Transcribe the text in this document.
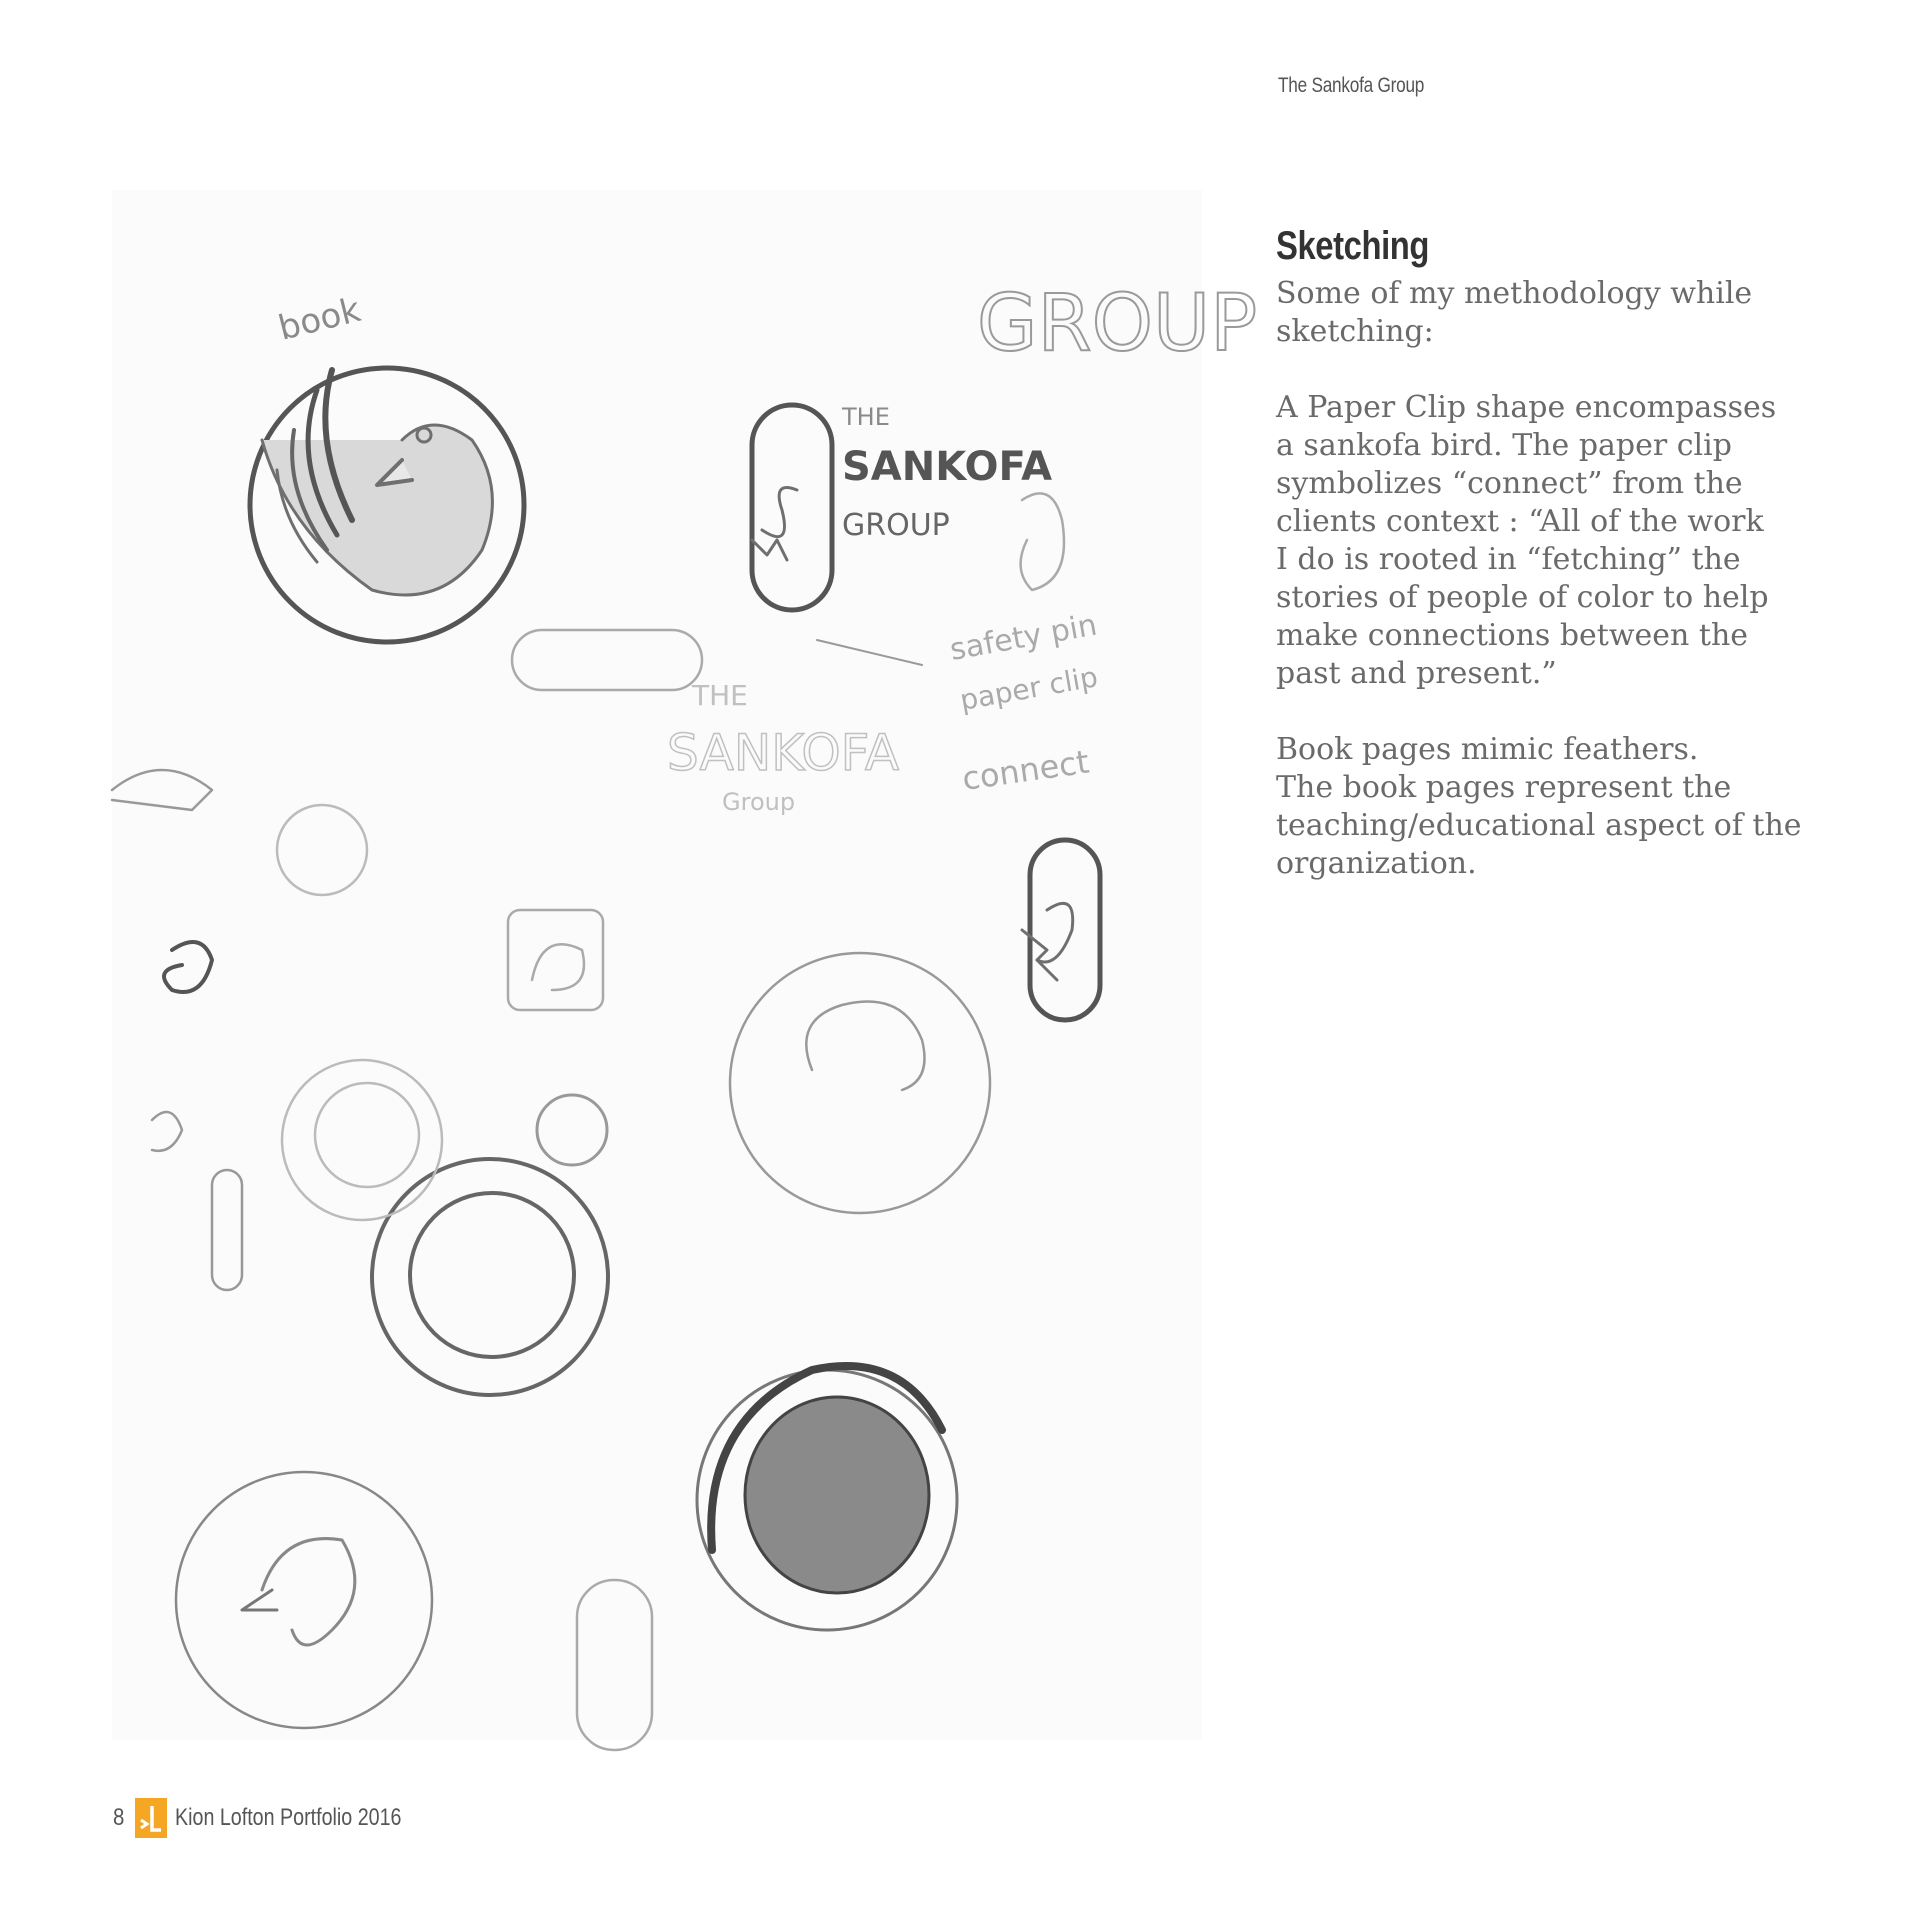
The Sankofa Group
book	GROUP
THE
SANKOFA
GROUP
THE
SANKOFA
Group
safety pin
paper clip
connect
Sketching

Some of my methodology while
sketching:

A Paper Clip shape encompasses
a sankofa bird. The paper clip
symbolizes “connect” from the
clients context : “All of the work
I do is rooted in “fetching” the
stories of people of color to help
make connections between the
past and present.”

Book pages mimic feathers.
The book pages represent the
teaching/educational aspect of the
organization.

8 Kion Lofton Portfolio 2016
